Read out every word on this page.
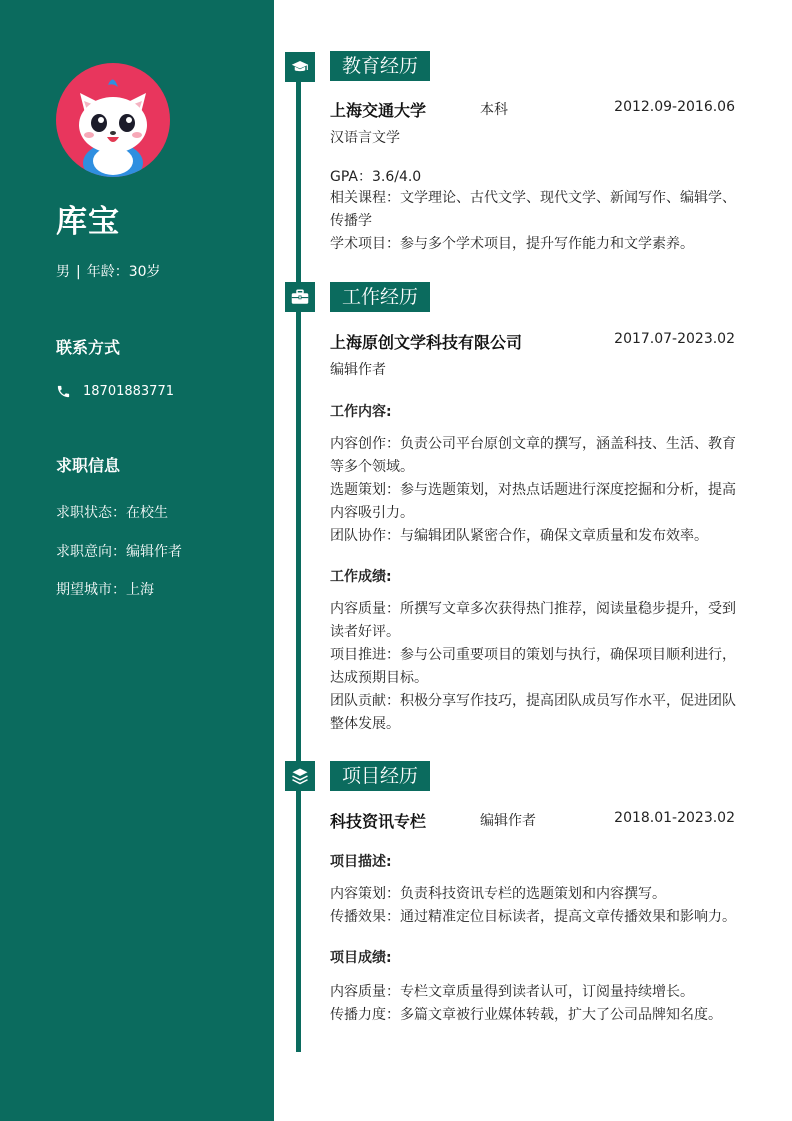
库宝
男 | 年龄：30岁
联系方式
18701883771
求职信息
求职状态：在校生
求职意向：编辑作者
期望城市：上海
教育经历
上海交通大学	本科	2012.09-2016.06
汉语言文学
GPA：3.6/4.0
相关课程：文学理论、古代文学、现代文学、新闻写作、编辑学、传播学
学术项目：参与多个学术项目，提升写作能力和文学素养。
工作经历
上海原创文学科技有限公司	2017.07-2023.02
编辑作者
工作内容:
内容创作：负责公司平台原创文章的撰写，涵盖科技、生活、教育等多个领域。
选题策划：参与选题策划，对热点话题进行深度挖掘和分析，提高内容吸引力。
团队协作：与编辑团队紧密合作，确保文章质量和发布效率。
工作成绩:
内容质量：所撰写文章多次获得热门推荐，阅读量稳步提升，受到读者好评。
项目推进：参与公司重要项目的策划与执行，确保项目顺利进行，达成预期目标。
团队贡献：积极分享写作技巧，提高团队成员写作水平，促进团队整体发展。
项目经历
科技资讯专栏	编辑作者	2018.01-2023.02
项目描述:
内容策划：负责科技资讯专栏的选题策划和内容撰写。
传播效果：通过精准定位目标读者，提高文章传播效果和影响力。
项目成绩:
内容质量：专栏文章质量得到读者认可，订阅量持续增长。
传播力度：多篇文章被行业媒体转载，扩大了公司品牌知名度。
